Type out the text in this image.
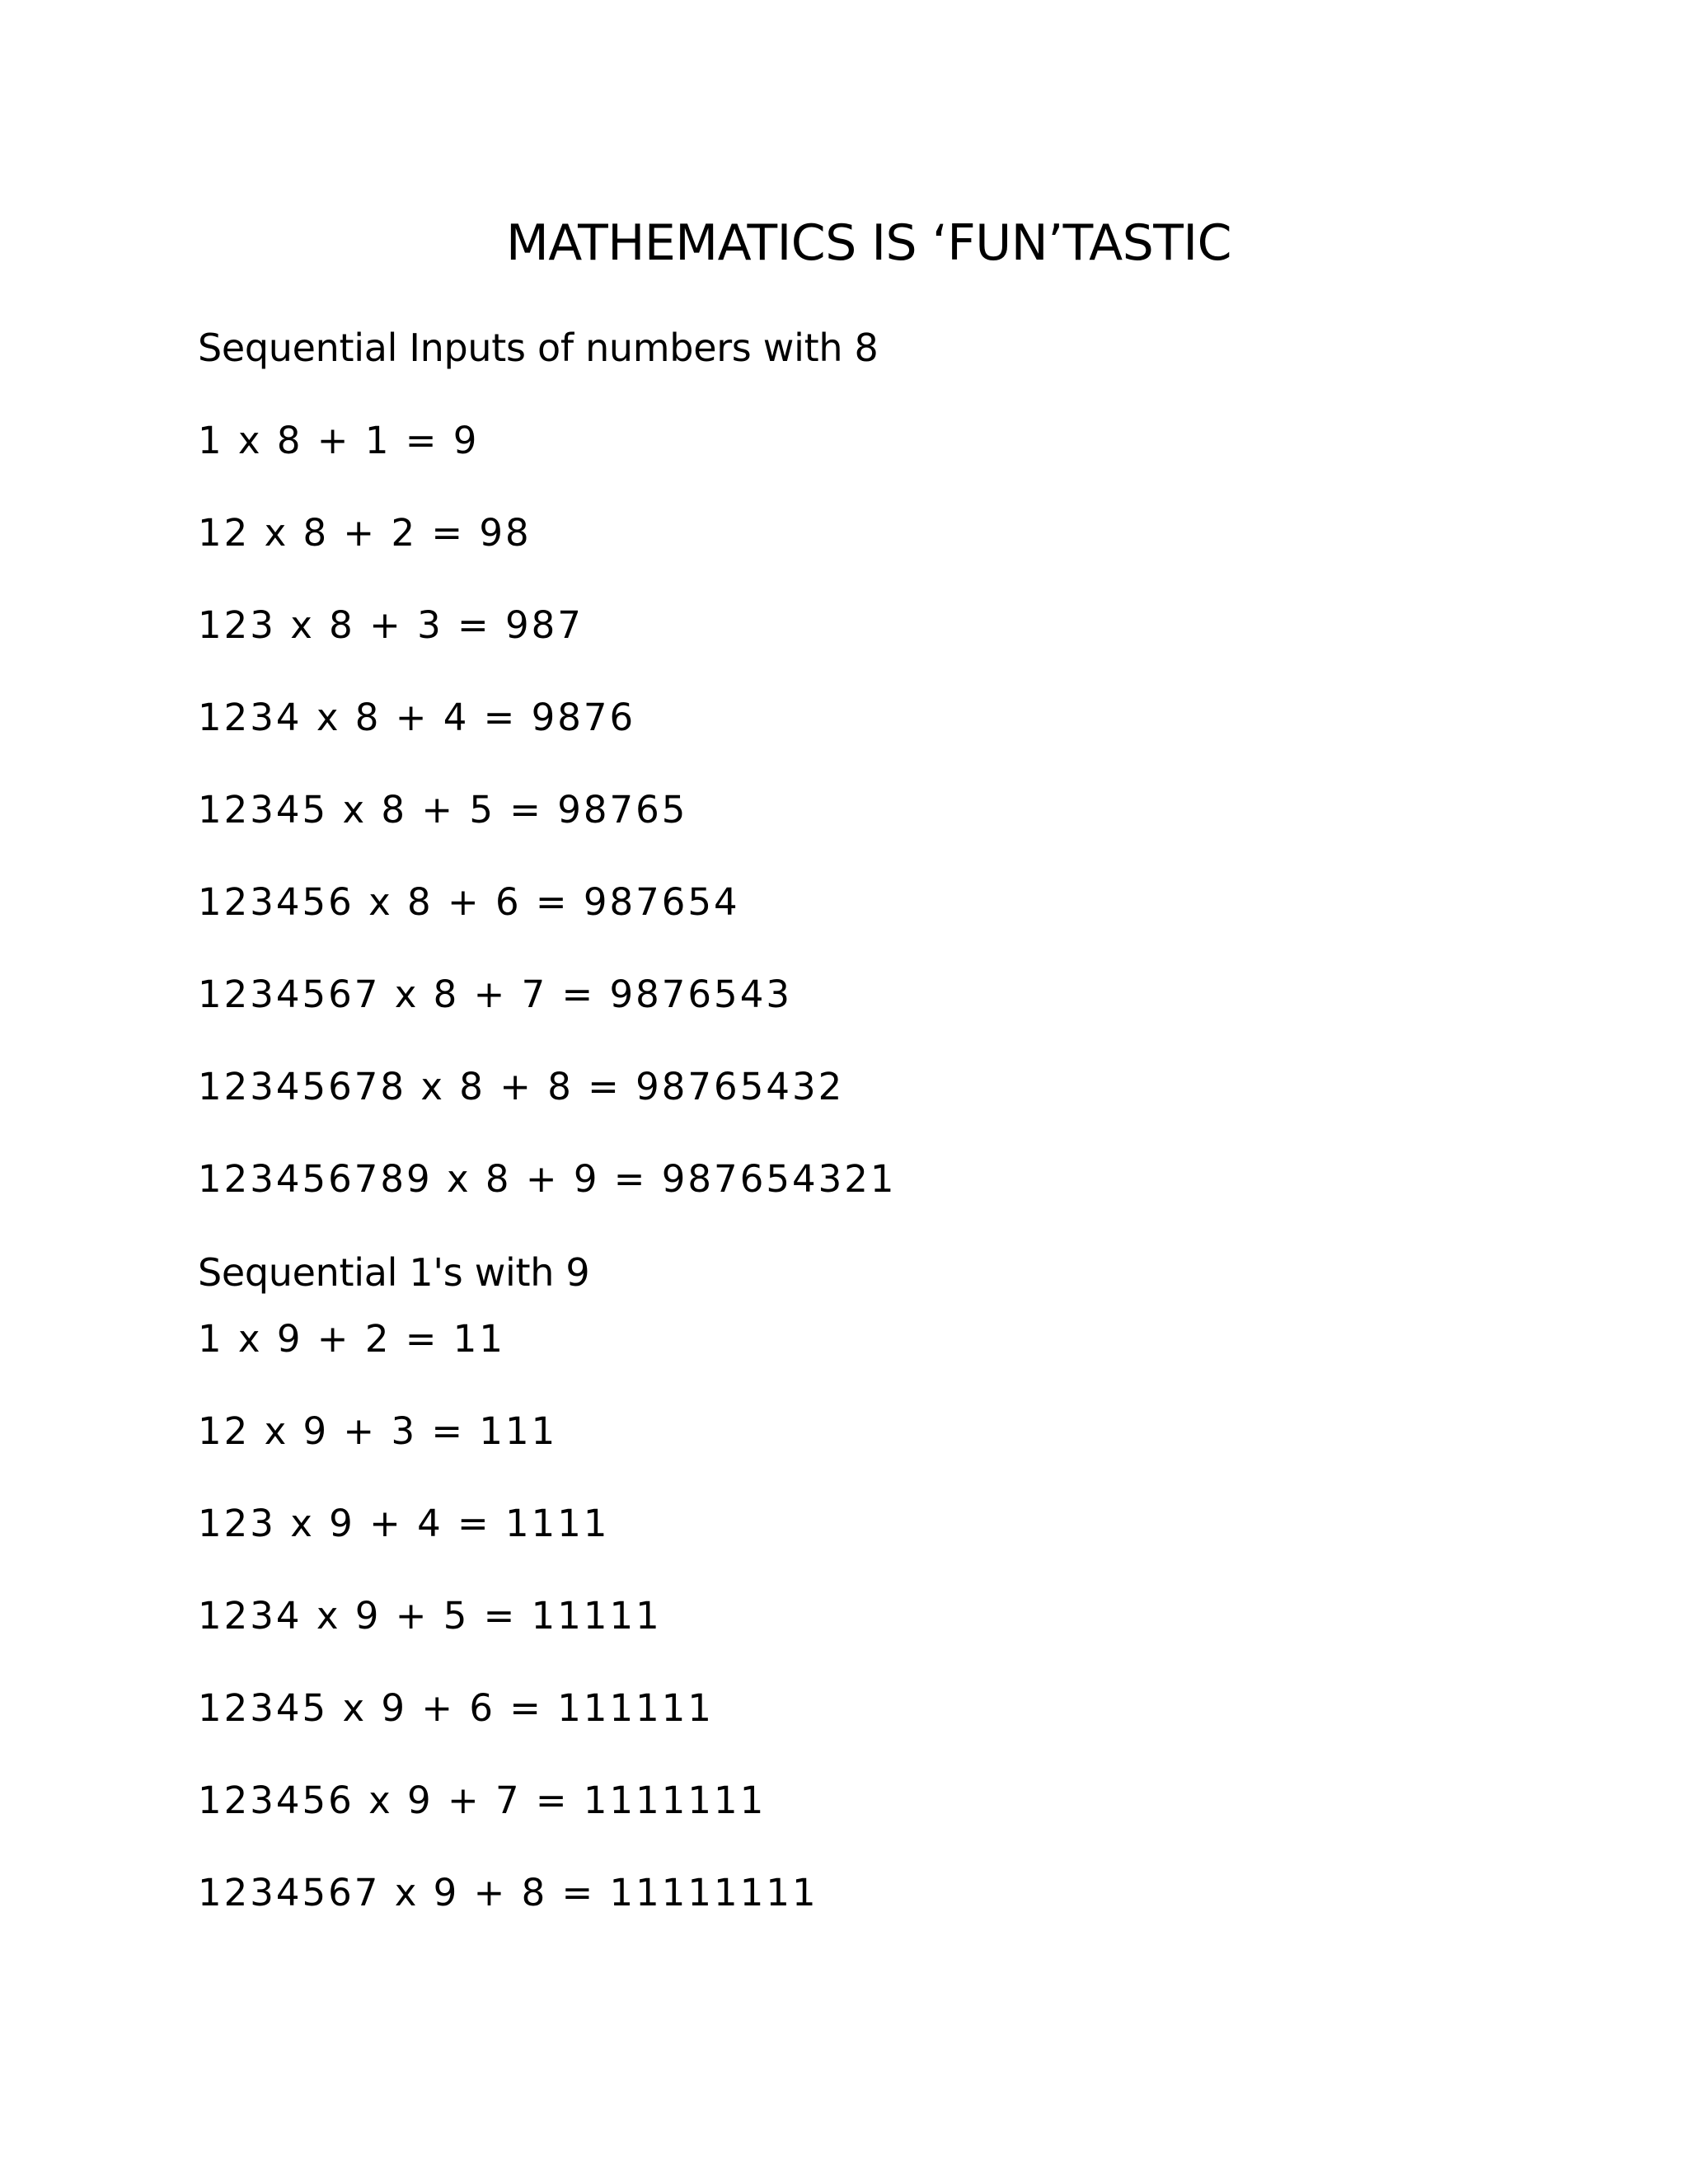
MATHEMATICS IS ‘FUN’TASTIC
Sequential Inputs of numbers with 8
1 x 8 + 1 = 9
12 x 8 + 2 = 98
123 x 8 + 3 = 987
1234 x 8 + 4 = 9876
12345 x 8 + 5 = 98765
123456 x 8 + 6 = 987654
1234567 x 8 + 7 = 9876543
12345678 x 8 + 8 = 98765432
123456789 x 8 + 9 = 987654321
Sequential 1's with 9
1 x 9 + 2 = 11
12 x 9 + 3 = 111
123 x 9 + 4 = 1111
1234 x 9 + 5 = 11111
12345 x 9 + 6 = 111111
123456 x 9 + 7 = 1111111
1234567 x 9 + 8 = 11111111
